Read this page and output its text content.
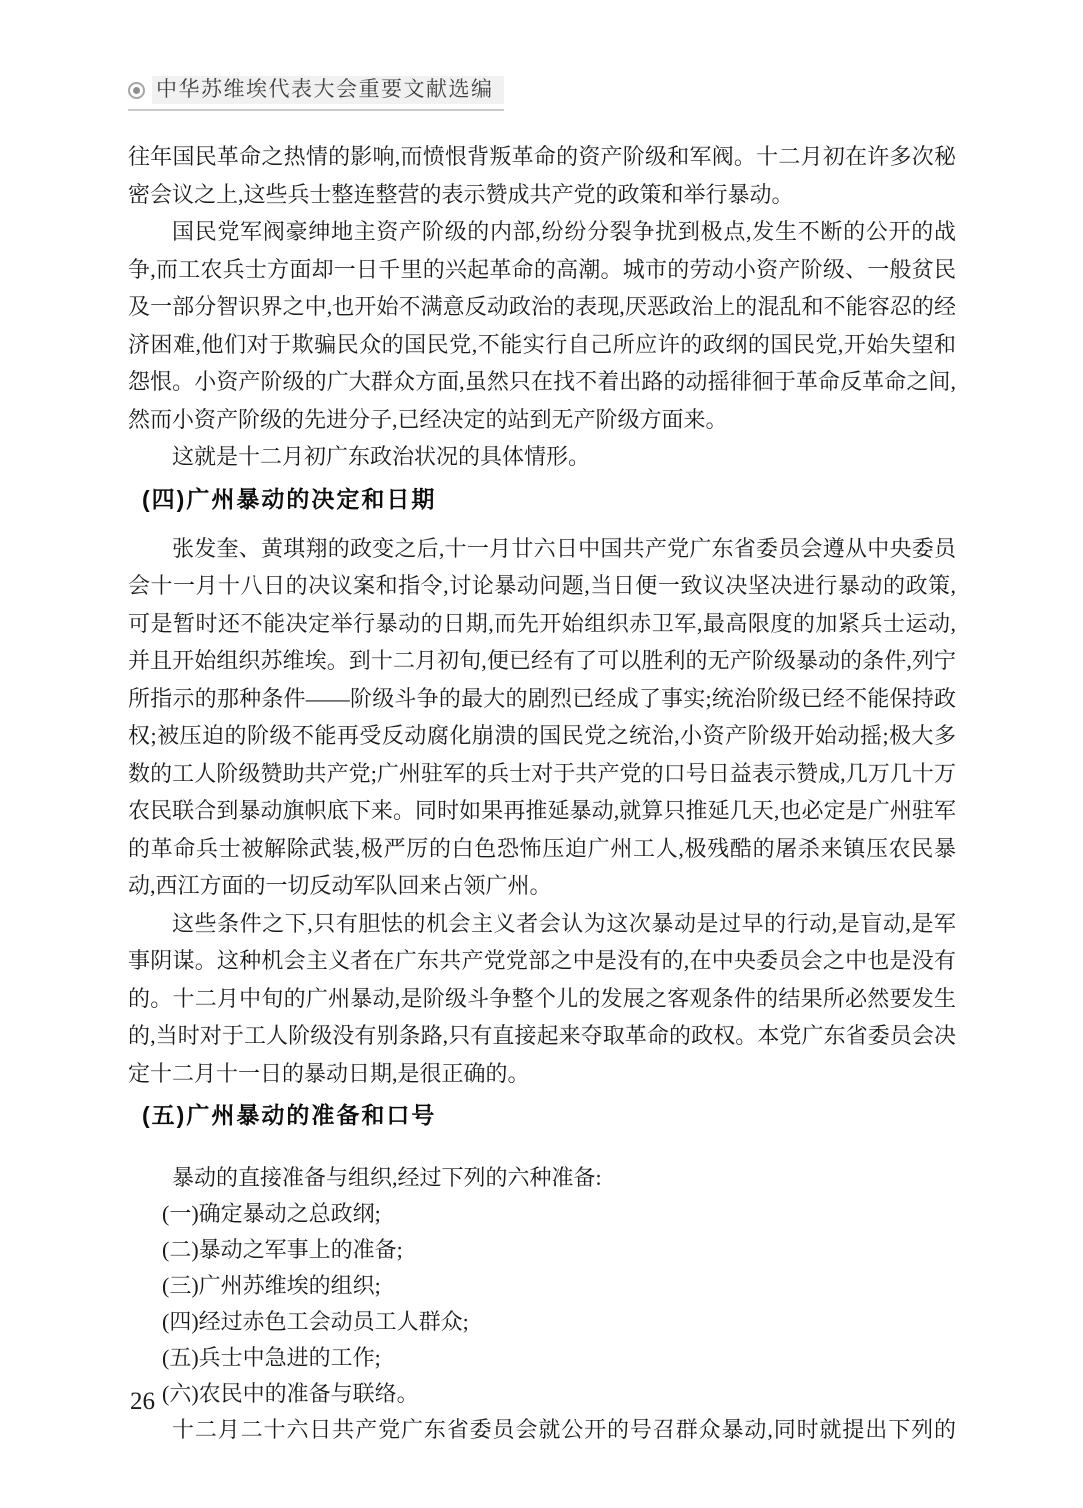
中华苏维埃代表大会重要文献选编

往年国民革命之热情的影响,而愤恨背叛革命的资产阶级和军阀。十二月初在许多次秘密会议之上,这些兵士整连整营的表示赞成共产党的政策和举行暴动。

国民党军阀豪绅地主资产阶级的内部,纷纷分裂争扰到极点,发生不断的公开的战争,而工农兵士方面却一日千里的兴起革命的高潮。城市的劳动小资产阶级、一般贫民及一部分智识界之中,也开始不满意反动政治的表现,厌恶政治上的混乱和不能容忍的经济困难,他们对于欺骗民众的国民党,不能实行自己所应许的政纲的国民党,开始失望和怨恨。小资产阶级的广大群众方面,虽然只在找不着出路的动摇徘徊于革命反革命之间,然而小资产阶级的先进分子,已经决定的站到无产阶级方面来。

这就是十二月初广东政治状况的具体情形。

(四)广州暴动的决定和日期

张发奎、黄琪翔的政变之后,十一月廿六日中国共产党广东省委员会遵从中央委员会十一月十八日的决议案和指令,讨论暴动问题,当日便一致议决坚决进行暴动的政策,可是暂时还不能决定举行暴动的日期,而先开始组织赤卫军,最高限度的加紧兵士运动,并且开始组织苏维埃。到十二月初旬,便已经有了可以胜利的无产阶级暴动的条件,列宁所指示的那种条件——阶级斗争的最大的剧烈已经成了事实;统治阶级已经不能保持政权;被压迫的阶级不能再受反动腐化崩溃的国民党之统治,小资产阶级开始动摇;极大多数的工人阶级赞助共产党;广州驻军的兵士对于共产党的口号日益表示赞成,几万几十万农民联合到暴动旗帜底下来。同时如果再推延暴动,就算只推延几天,也必定是广州驻军的革命兵士被解除武装,极严厉的白色恐怖压迫广州工人,极残酷的屠杀来镇压农民暴动,西江方面的一切反动军队回来占领广州。

这些条件之下,只有胆怯的机会主义者会认为这次暴动是过早的行动,是盲动,是军事阴谋。这种机会主义者在广东共产党党部之中是没有的,在中央委员会之中也是没有的。十二月中旬的广州暴动,是阶级斗争整个儿的发展之客观条件的结果所必然要发生的,当时对于工人阶级没有别条路,只有直接起来夺取革命的政权。本党广东省委员会决定十二月十一日的暴动日期,是很正确的。

(五)广州暴动的准备和口号

暴动的直接准备与组织,经过下列的六种准备:

(一)确定暴动之总政纲;
(二)暴动之军事上的准备;
(三)广州苏维埃的组织;
(四)经过赤色工会动员工人群众;
(五)兵士中急进的工作;
(六)农民中的准备与联络。

十二月二十六日共产党广东省委员会就公开的号召群众暴动,同时就提出下列的

26
